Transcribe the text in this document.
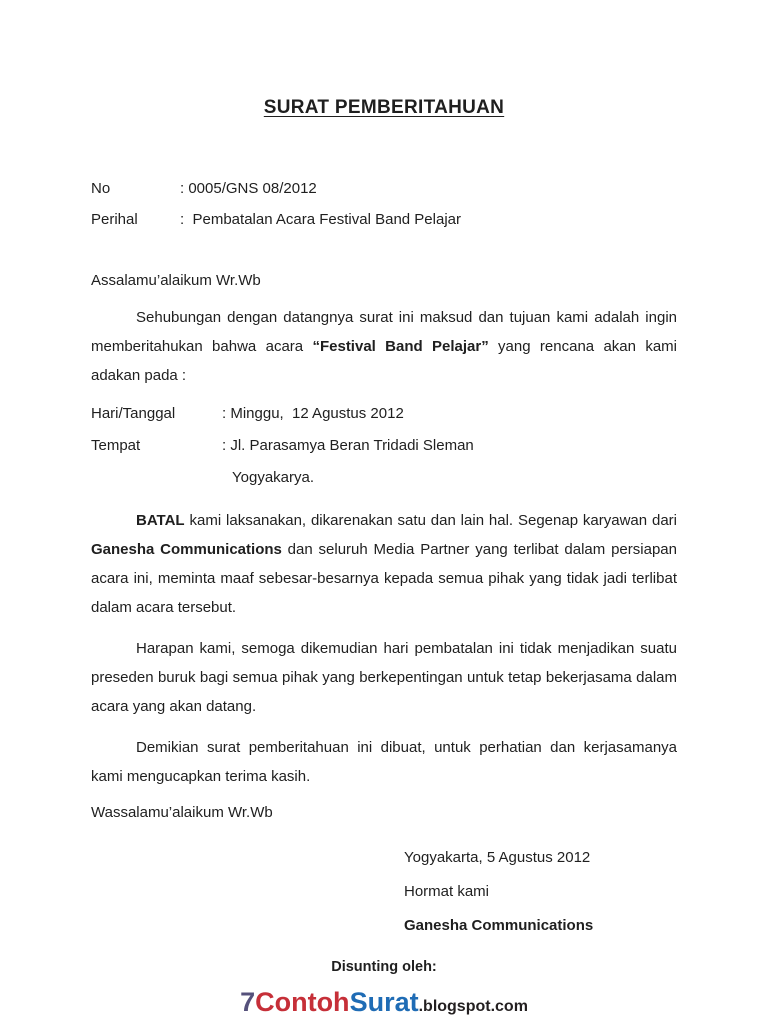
SURAT PEMBERITAHUAN
No	: 0005/GNS 08/2012
Perihal	:  Pembatalan Acara Festival Band Pelajar
Assalamu’alaikum Wr.Wb

Sehubungan dengan datangnya surat ini maksud dan tujuan kami adalah ingin memberitahukan bahwa acara “Festival Band Pelajar” yang rencana akan kami adakan pada :

Hari/Tanggal	: Minggu,  12 Agustus 2012
Tempat	: Jl. Parasamya Beran Tridadi Sleman
Yogyakarya.

BATAL kami laksanakan, dikarenakan satu dan lain hal. Segenap karyawan dari Ganesha Communications dan seluruh Media Partner yang terlibat dalam persiapan acara ini, meminta maaf sebesar-besarnya kepada semua pihak yang tidak jadi terlibat dalam acara tersebut.

Harapan kami, semoga dikemudian hari pembatalan ini tidak menjadikan suatu preseden buruk bagi semua pihak yang berkepentingan untuk tetap bekerjasama dalam acara yang akan datang.

Demikian surat pemberitahuan ini dibuat, untuk perhatian dan kerjasamanya kami mengucapkan terima kasih.

Wassalamu’alaikum Wr.Wb
Yogyakarta, 5 Agustus 2012
Hormat kami
Ganesha Communications
Disunting oleh:
7ContohSurat.blogspot.com
